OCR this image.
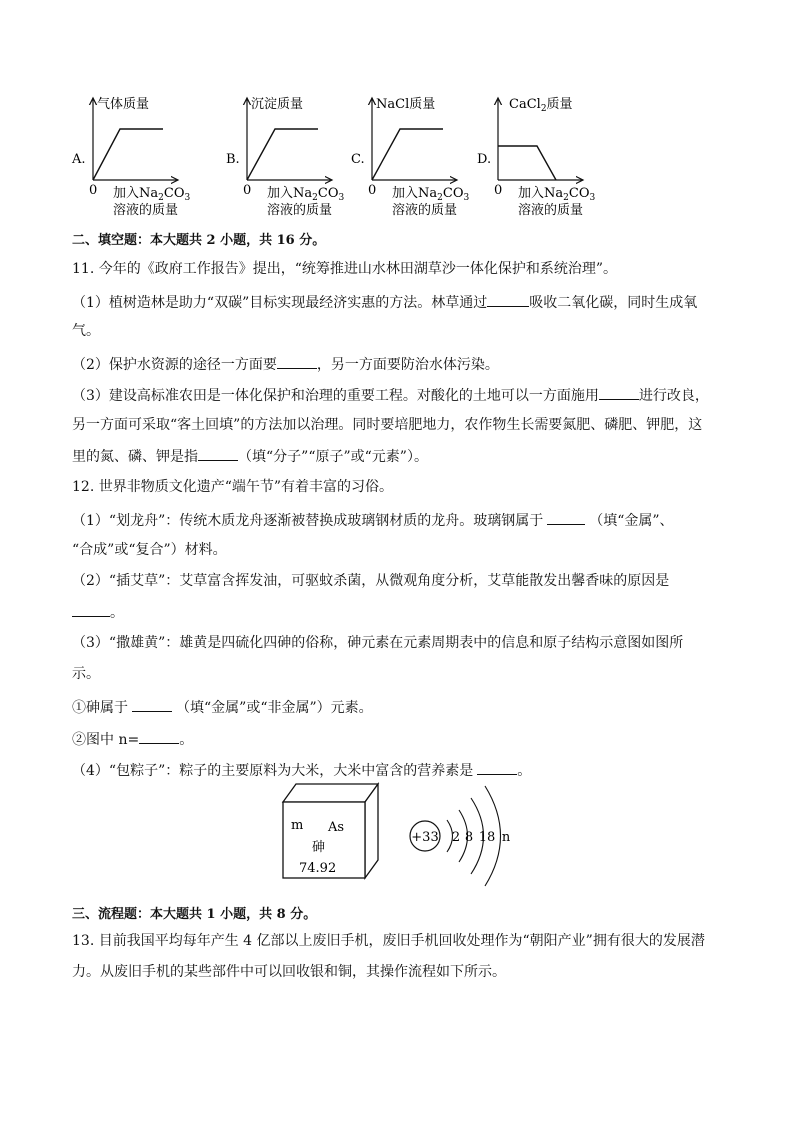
A.
气体质量
0 加入$Na_2CO_3$
溶液的质量
B.
沉淀质量
0 加入$Na_2CO_3$
溶液的质量
C.
NaCl质量
0 加入$Na_2CO_3$
溶液的质量
D.
CaCl$_2$质量
0 加入$Na_2CO_3$
溶液的质量
二、填空题：本大题共 2 小题，共 16 分。
11. 今年的《政府工作报告》提出，“统筹推进山水林田湖草沙一体化保护和系统治理”。
（1）植树造林是助力“双碳”目标实现最经济实惠的方法。林草通过	吸收二氧化碳，同时生成氧
气。
（2）保护水资源的途径一方面要	，另一方面要防治水体污染。
（3）建设高标准农田是一体化保护和治理的重要工程。对酸化的土地可以一方面施用	进行改良，
另一方面可采取“客土回填”的方法加以治理。同时要培肥地力，农作物生长需要氮肥、磷肥、钾肥，这
里的氮、磷、钾是指	（填“分子”“原子”或“元素”）。
12. 世界非物质文化遗产“端午节”有着丰富的习俗。
（1）“划龙舟”：传统木质龙舟逐渐被替换成玻璃钢材质的龙舟。玻璃钢属于	（填“金属”、
“合成”或“复合”）材料。
（2）“插艾草”：艾草富含挥发油，可驱蚊杀菌，从微观角度分析，艾草能散发出馨香味的原因是
。
（3）“撒雄黄”：雄黄是四硫化四砷的俗称，砷元素在元素周期表中的信息和原子结构示意图如图所
示。
①砷属于	（填“金属”或“非金属”）元素。
②图中 n=	。
（4）“包粽子”：粽子的主要原料为大米，大米中富含的营养素是	。
m As
砷
74.92
+33 2 8 18 n
三、流程题：本大题共 1 小题，共 8 分。
13. 目前我国平均每年产生 4 亿部以上废旧手机，废旧手机回收处理作为“朝阳产业”拥有很大的发展潜
力。从废旧手机的某些部件中可以回收银和铜，其操作流程如下所示。
